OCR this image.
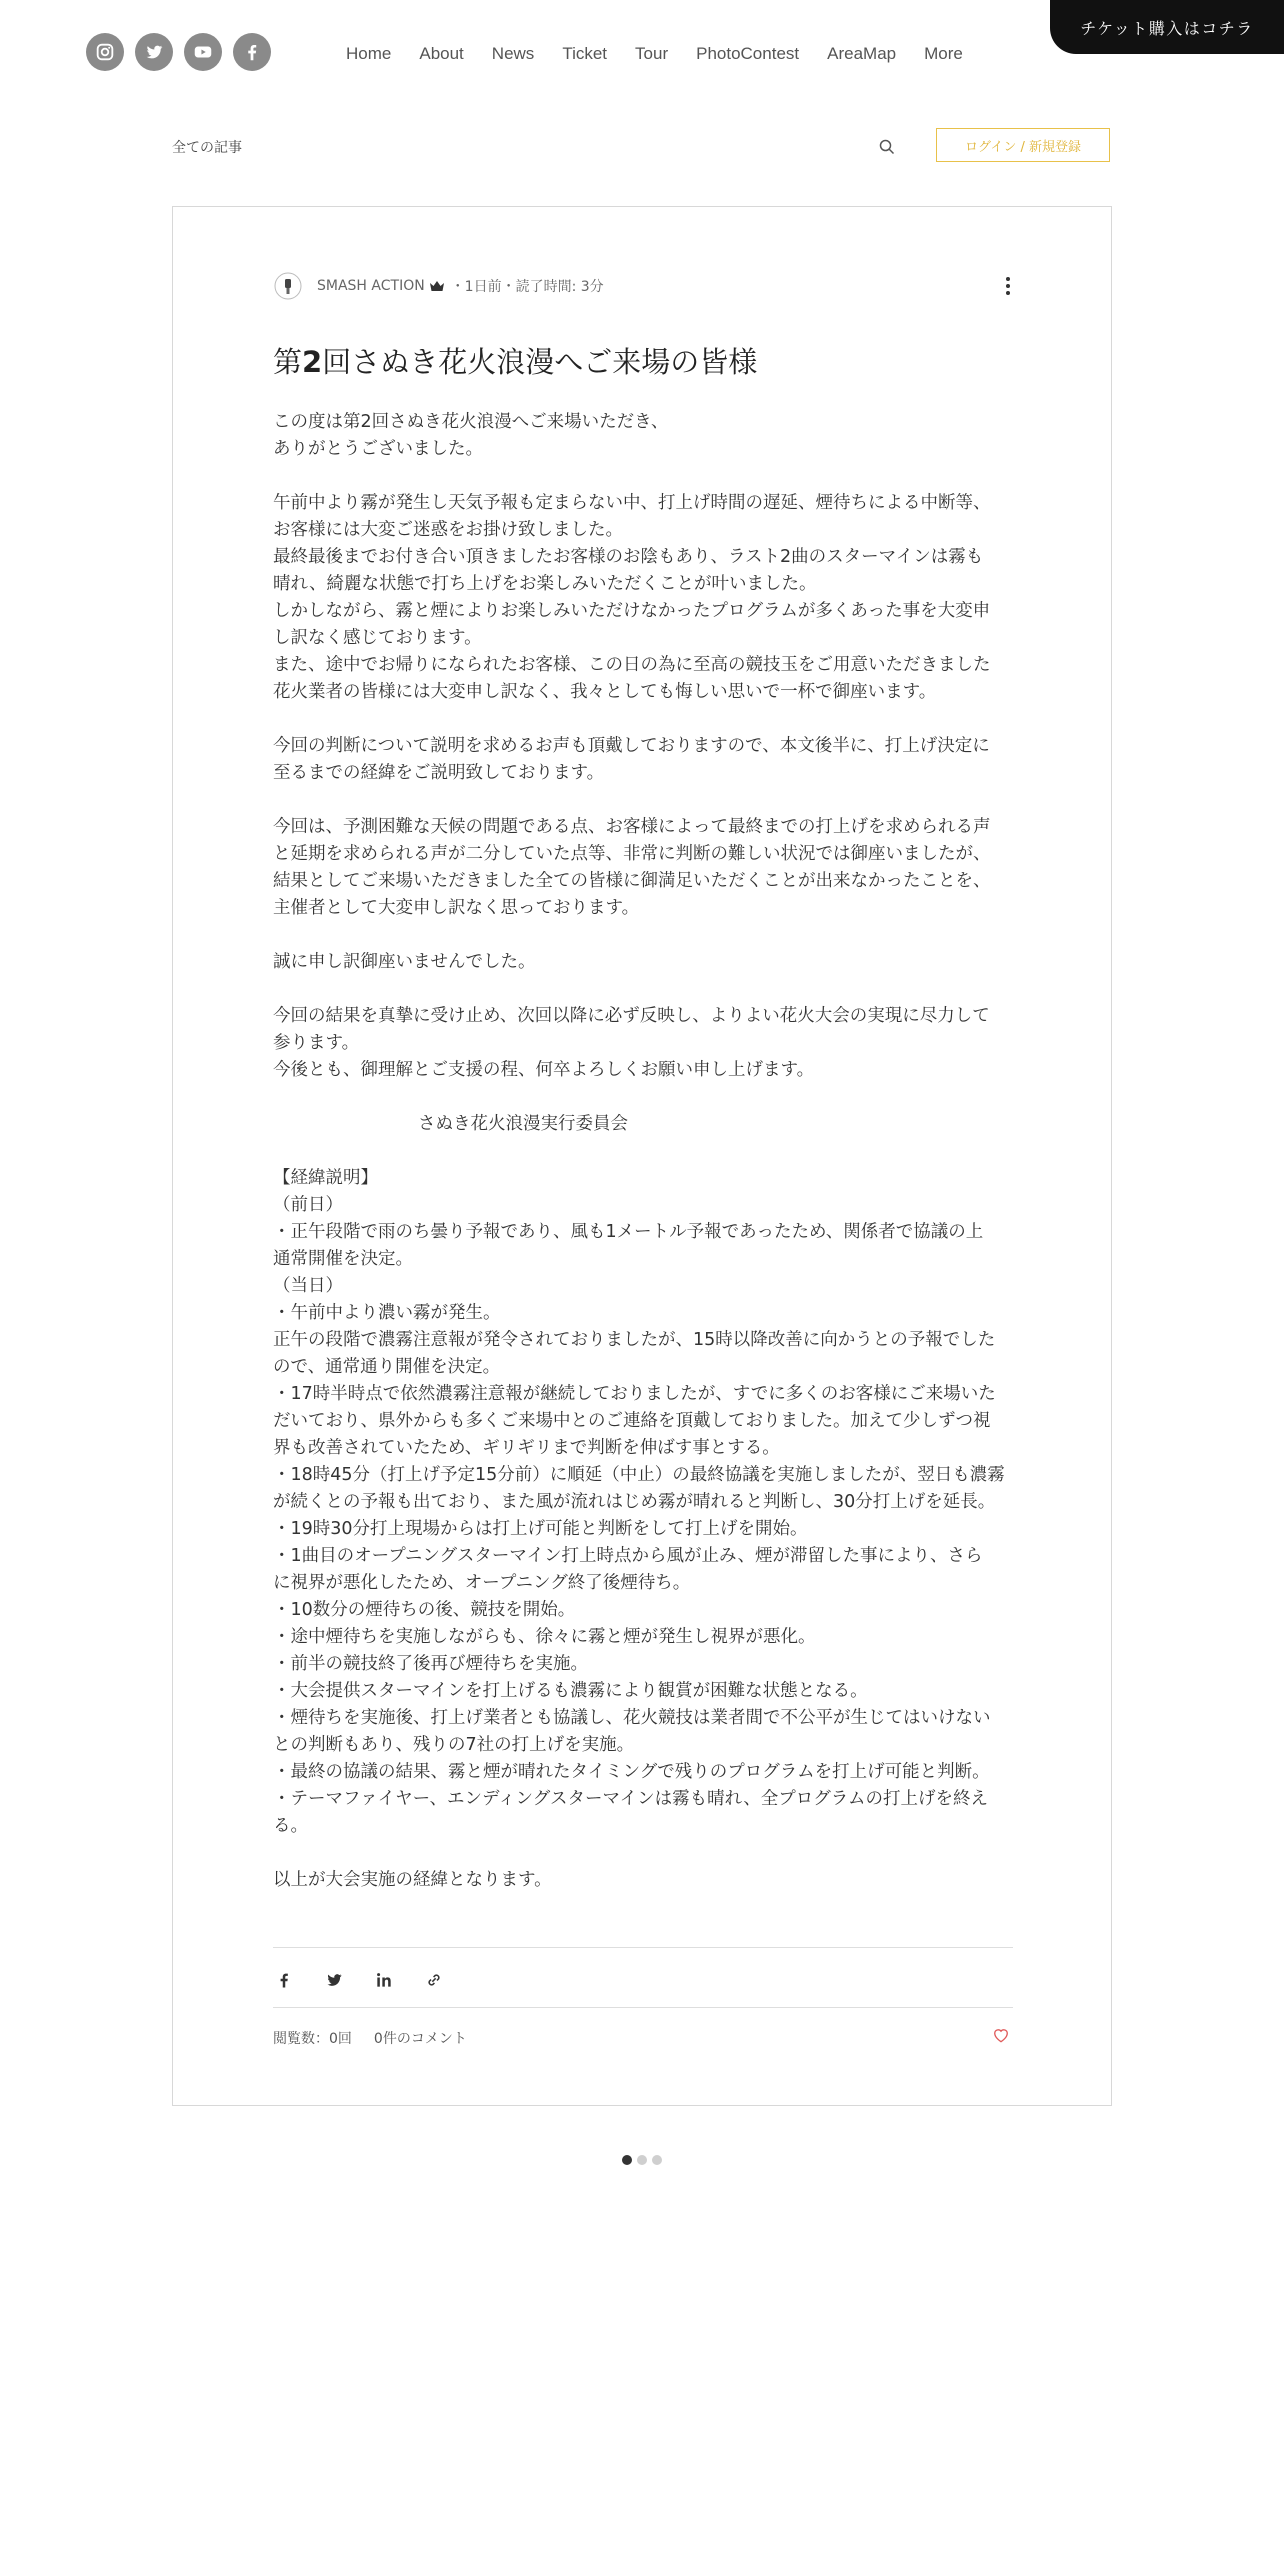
Home About News Ticket Tour PhotoContest AreaMap More
チケット購入はコチラ
全ての記事	ログイン / 新規登録
SMASH ACTION ・1日前・読了時間: 3分
第2回さぬき花火浪漫へご来場の皆様

この度は第2回さぬき花火浪漫へご来場いただき、

ありがとうございました。

午前中より霧が発生し天気予報も定まらない中、打上げ時間の遅延、煙待ちによる中断等、

お客様には大変ご迷惑をお掛け致しました。

最終最後までお付き合い頂きましたお客様のお陰もあり、ラスト2曲のスターマインは霧も

晴れ、綺麗な状態で打ち上げをお楽しみいただくことが叶いました。

しかしながら、霧と煙によりお楽しみいただけなかったプログラムが多くあった事を大変申

し訳なく感じております。

また、途中でお帰りになられたお客様、この日の為に至高の競技玉をご用意いただきました

花火業者の皆様には大変申し訳なく、我々としても悔しい思いで一杯で御座います。

今回の判断について説明を求めるお声も頂戴しておりますので、本文後半に、打上げ決定に

至るまでの経緯をご説明致しております。

今回は、予測困難な天候の問題である点、お客様によって最終までの打上げを求められる声

と延期を求められる声が二分していた点等、非常に判断の難しい状況では御座いましたが、

結果としてご来場いただきました全ての皆様に御満足いただくことが出来なかったことを、

主催者として大変申し訳なく思っております。

誠に申し訳御座いませんでした。

今回の結果を真摯に受け止め、次回以降に必ず反映し、よりよい花火大会の実現に尽力して

参ります。

今後とも、御理解とご支援の程、何卒よろしくお願い申し上げます。

さぬき花火浪漫実行委員会

【経緯説明】

（前日）

・正午段階で雨のち曇り予報であり、風も1メートル予報であったため、関係者で協議の上

通常開催を決定。

（当日）

・午前中より濃い霧が発生。

正午の段階で濃霧注意報が発令されておりましたが、15時以降改善に向かうとの予報でした

ので、通常通り開催を決定。

・17時半時点で依然濃霧注意報が継続しておりましたが、すでに多くのお客様にご来場いた

だいており、県外からも多くご来場中とのご連絡を頂戴しておりました。加えて少しずつ視

界も改善されていたため、ギリギリまで判断を伸ばす事とする。

・18時45分（打上げ予定15分前）に順延（中止）の最終協議を実施しましたが、翌日も濃霧

が続くとの予報も出ており、また風が流れはじめ霧が晴れると判断し、30分打上げを延長。

・19時30分打上現場からは打上げ可能と判断をして打上げを開始。

・1曲目のオープニングスターマイン打上時点から風が止み、煙が滞留した事により、さら

に視界が悪化したため、オープニング終了後煙待ち。

・10数分の煙待ちの後、競技を開始。

・途中煙待ちを実施しながらも、徐々に霧と煙が発生し視界が悪化。

・前半の競技終了後再び煙待ちを実施。

・大会提供スターマインを打上げるも濃霧により観賞が困難な状態となる。

・煙待ちを実施後、打上げ業者とも協議し、花火競技は業者間で不公平が生じてはいけない

との判断もあり、残りの7社の打上げを実施。

・最終の協議の結果、霧と煙が晴れたタイミングで残りのプログラムを打上げ可能と判断。

・テーマファイヤー、エンディングスターマインは霧も晴れ、全プログラムの打上げを終え

る。

以上が大会実施の経緯となります。

閲覧数：0回 0件のコメント
